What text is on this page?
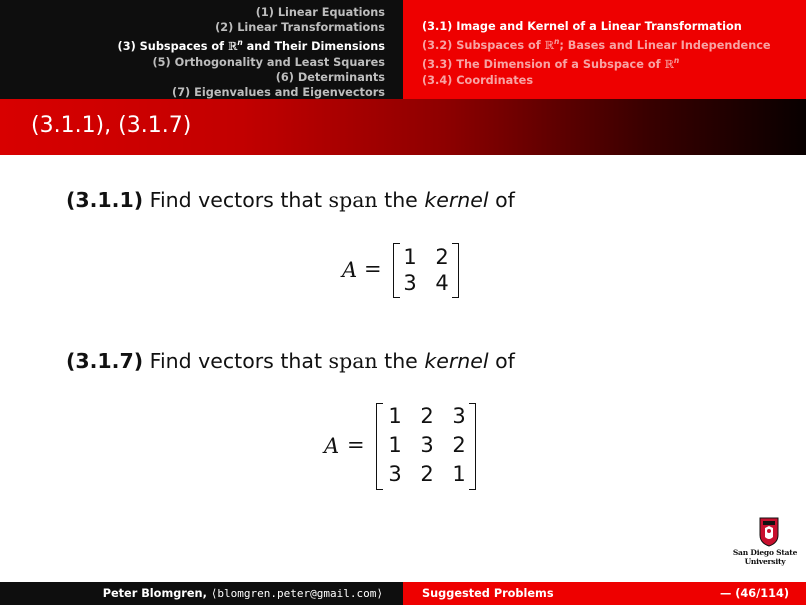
(1) Linear Equations
(2) Linear Transformations
(3) Subspaces of ℝ$^n$ and Their Dimensions
(5) Orthogonality and Least Squares
(6) Determinants
(7) Eigenvalues and Eigenvectors
(3.1) Image and Kernel of a Linear Transformation
(3.2) Subspaces of ℝ$^n$; Bases and Linear Independence
(3.3) The Dimension of a Subspace of ℝ$^n$
(3.4) Coordinates
(3.1.1), (3.1.7)
(3.1.1) Find vectors that span the kernel of
A = 1 2
3 4
(3.1.7) Find vectors that span the kernel of
A =
1 2 3
1 3 2
3 2 1
San Diego State
University
Peter Blomgren, ⟨blomgren.peter@gmail.com⟩	Suggested Problems	— (46/114)
